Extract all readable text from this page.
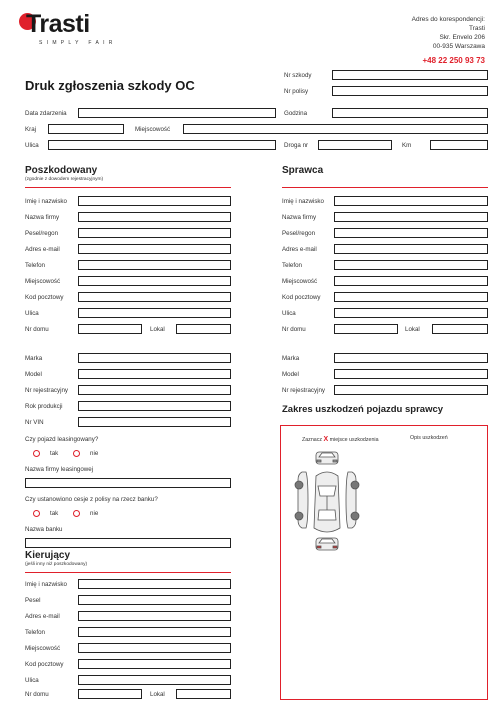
Trasti
SIMPLY FAIR
Adres do korespondencji:
Trasti
Skr. Envelo 206
00-935 Warszawa
+48 22 250 93 73
Druk zgłoszenia szkody OC
Nr szkody
Nr polisy
Data zdarzenia	Godzina
Kraj	Miejscowość
Ulica	Droga nr	Km
Poszkodowany
(zgodnie z dowodem rejestracyjnym)
Imię i nazwisko
Nazwa firmy
Pesel/regon
Adres e-mail
Telefon
Miejscowość
Kod pocztowy
Ulica
Nr domu	Lokal
Marka
Model
Nr rejestracyjny
Rok produkcji
Nr VIN
Czy pojazd leasingowany?
tak	nie
Nazwa firmy leasingowej
Czy ustanowiono cesje z polisy na rzecz banku?
tak	nie
Nazwa banku
Kierujący
(jeśli inny niż poszkodowany)
Imię i nazwisko
Pesel
Adres e-mail
Telefon
Miejscowość
Kod pocztowy
Ulica
Nr domu	Lokal
Sprawca
Imię i nazwisko
Nazwa firmy
Pesel/regon
Adres e-mail
Telefon
Miejscowość
Kod pocztowy
Ulica
Nr domu	Lokal
Marka
Model
Nr rejestracyjny
Zakres uszkodzeń pojazdu sprawcy
Zaznacz X miejsce uszkodzenia	Opis uszkodzeń
